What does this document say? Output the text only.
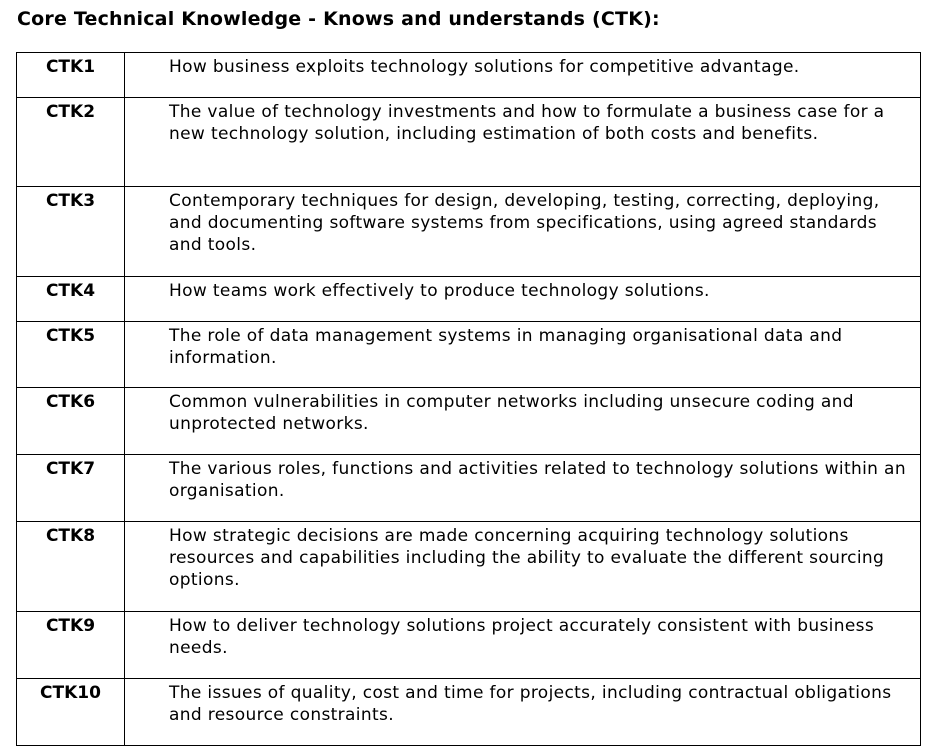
Core Technical Knowledge - Knows and understands (CTK):
CTK1	How business exploits technology solutions for competitive advantage.
CTK2	The value of technology investments and how to formulate a business case for a new technology solution, including estimation of both costs and benefits.
CTK3	Contemporary techniques for design, developing, testing, correcting, deploying, and documenting software systems from specifications, using agreed standards and tools.
CTK4	How teams work effectively to produce technology solutions.
CTK5	The role of data management systems in managing organisational data and information.
CTK6	Common vulnerabilities in computer networks including unsecure coding and unprotected networks.
CTK7	The various roles, functions and activities related to technology solutions within an organisation.
CTK8	How strategic decisions are made concerning acquiring technology solutions resources and capabilities including the ability to evaluate the different sourcing options.
CTK9	How to deliver technology solutions project accurately consistent with business needs.
CTK10	The issues of quality, cost and time for projects, including contractual obligations and resource constraints.
